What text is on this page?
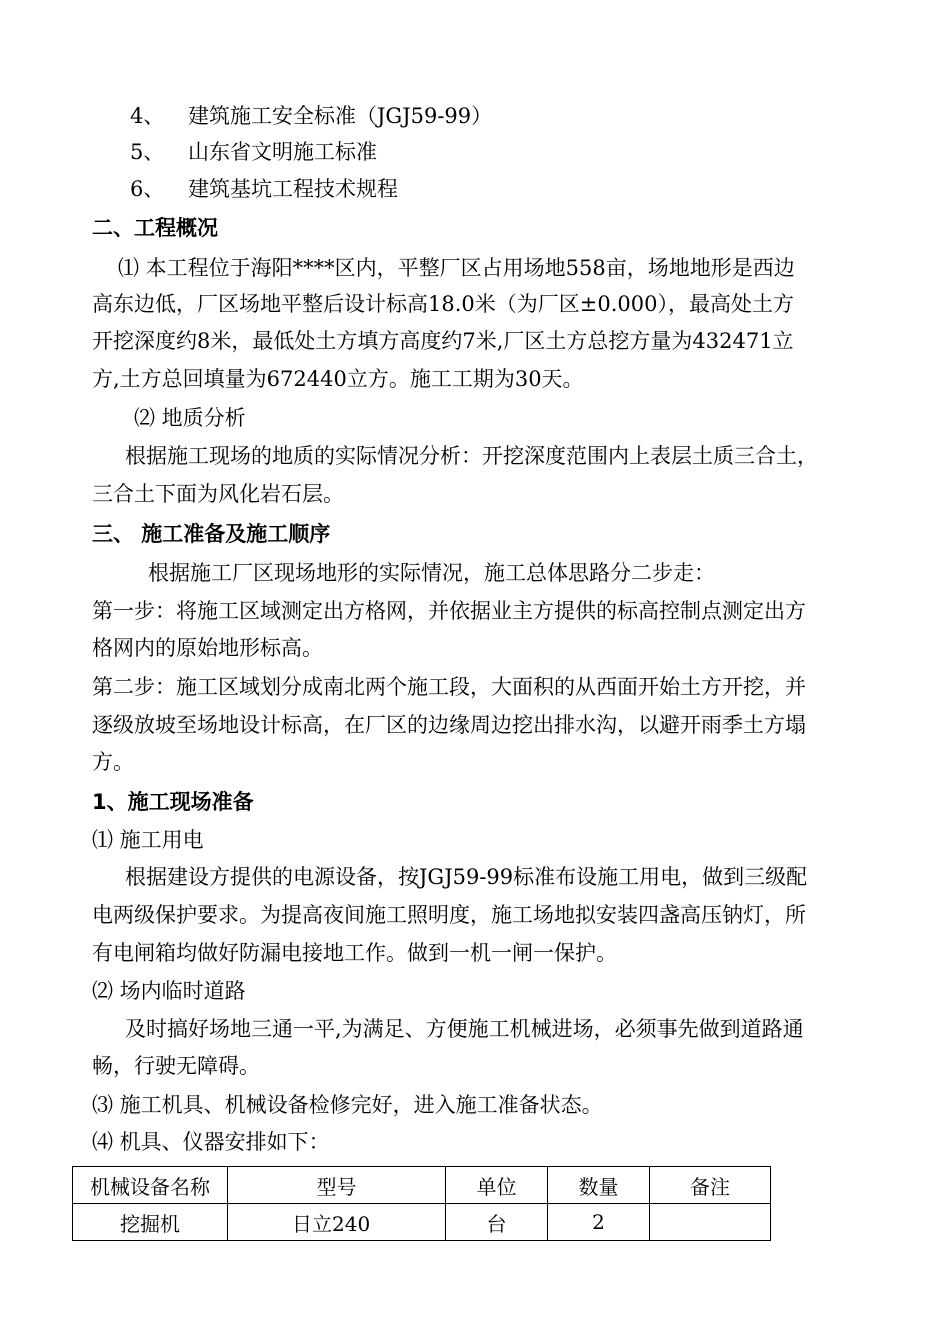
4、 建筑施工安全标准（JGJ59-99）
5、 山东省文明施工标准
6、 建筑基坑工程技术规程
二、工程概况
⑴ 本工程位于海阳****区内，平整厂区占用场地558亩，场地地形是西边
高东边低，厂区场地平整后设计标高18.0米（为厂区±0.000），最高处土方
开挖深度约8米，最低处土方填方高度约7米,厂区土方总挖方量为432471立
方,土方总回填量为672440立方。施工工期为30天。
⑵ 地质分析
根据施工现场的地质的实际情况分析：开挖深度范围内上表层土质三合土，
三合土下面为风化岩石层。
三、 施工准备及施工顺序
根据施工厂区现场地形的实际情况，施工总体思路分二步走：
第一步：将施工区域测定出方格网，并依据业主方提供的标高控制点测定出方
格网内的原始地形标高。
第二步：施工区域划分成南北两个施工段，大面积的从西面开始土方开挖，并
逐级放坡至场地设计标高，在厂区的边缘周边挖出排水沟，以避开雨季土方塌
方。
1、施工现场准备
⑴ 施工用电
根据建设方提供的电源设备，按JGJ59-99标准布设施工用电，做到三级配
电两级保护要求。为提高夜间施工照明度，施工场地拟安装四盏高压钠灯，所
有电闸箱均做好防漏电接地工作。做到一机一闸一保护。
⑵ 场内临时道路
及时搞好场地三通一平,为满足、方便施工机械进场，必须事先做到道路通
畅，行驶无障碍。
⑶ 施工机具、机械设备检修完好，进入施工准备状态。
⑷ 机具、仪器安排如下：
机械设备名称	型号	单位	数量	备注
挖掘机	日立240	台	2	
